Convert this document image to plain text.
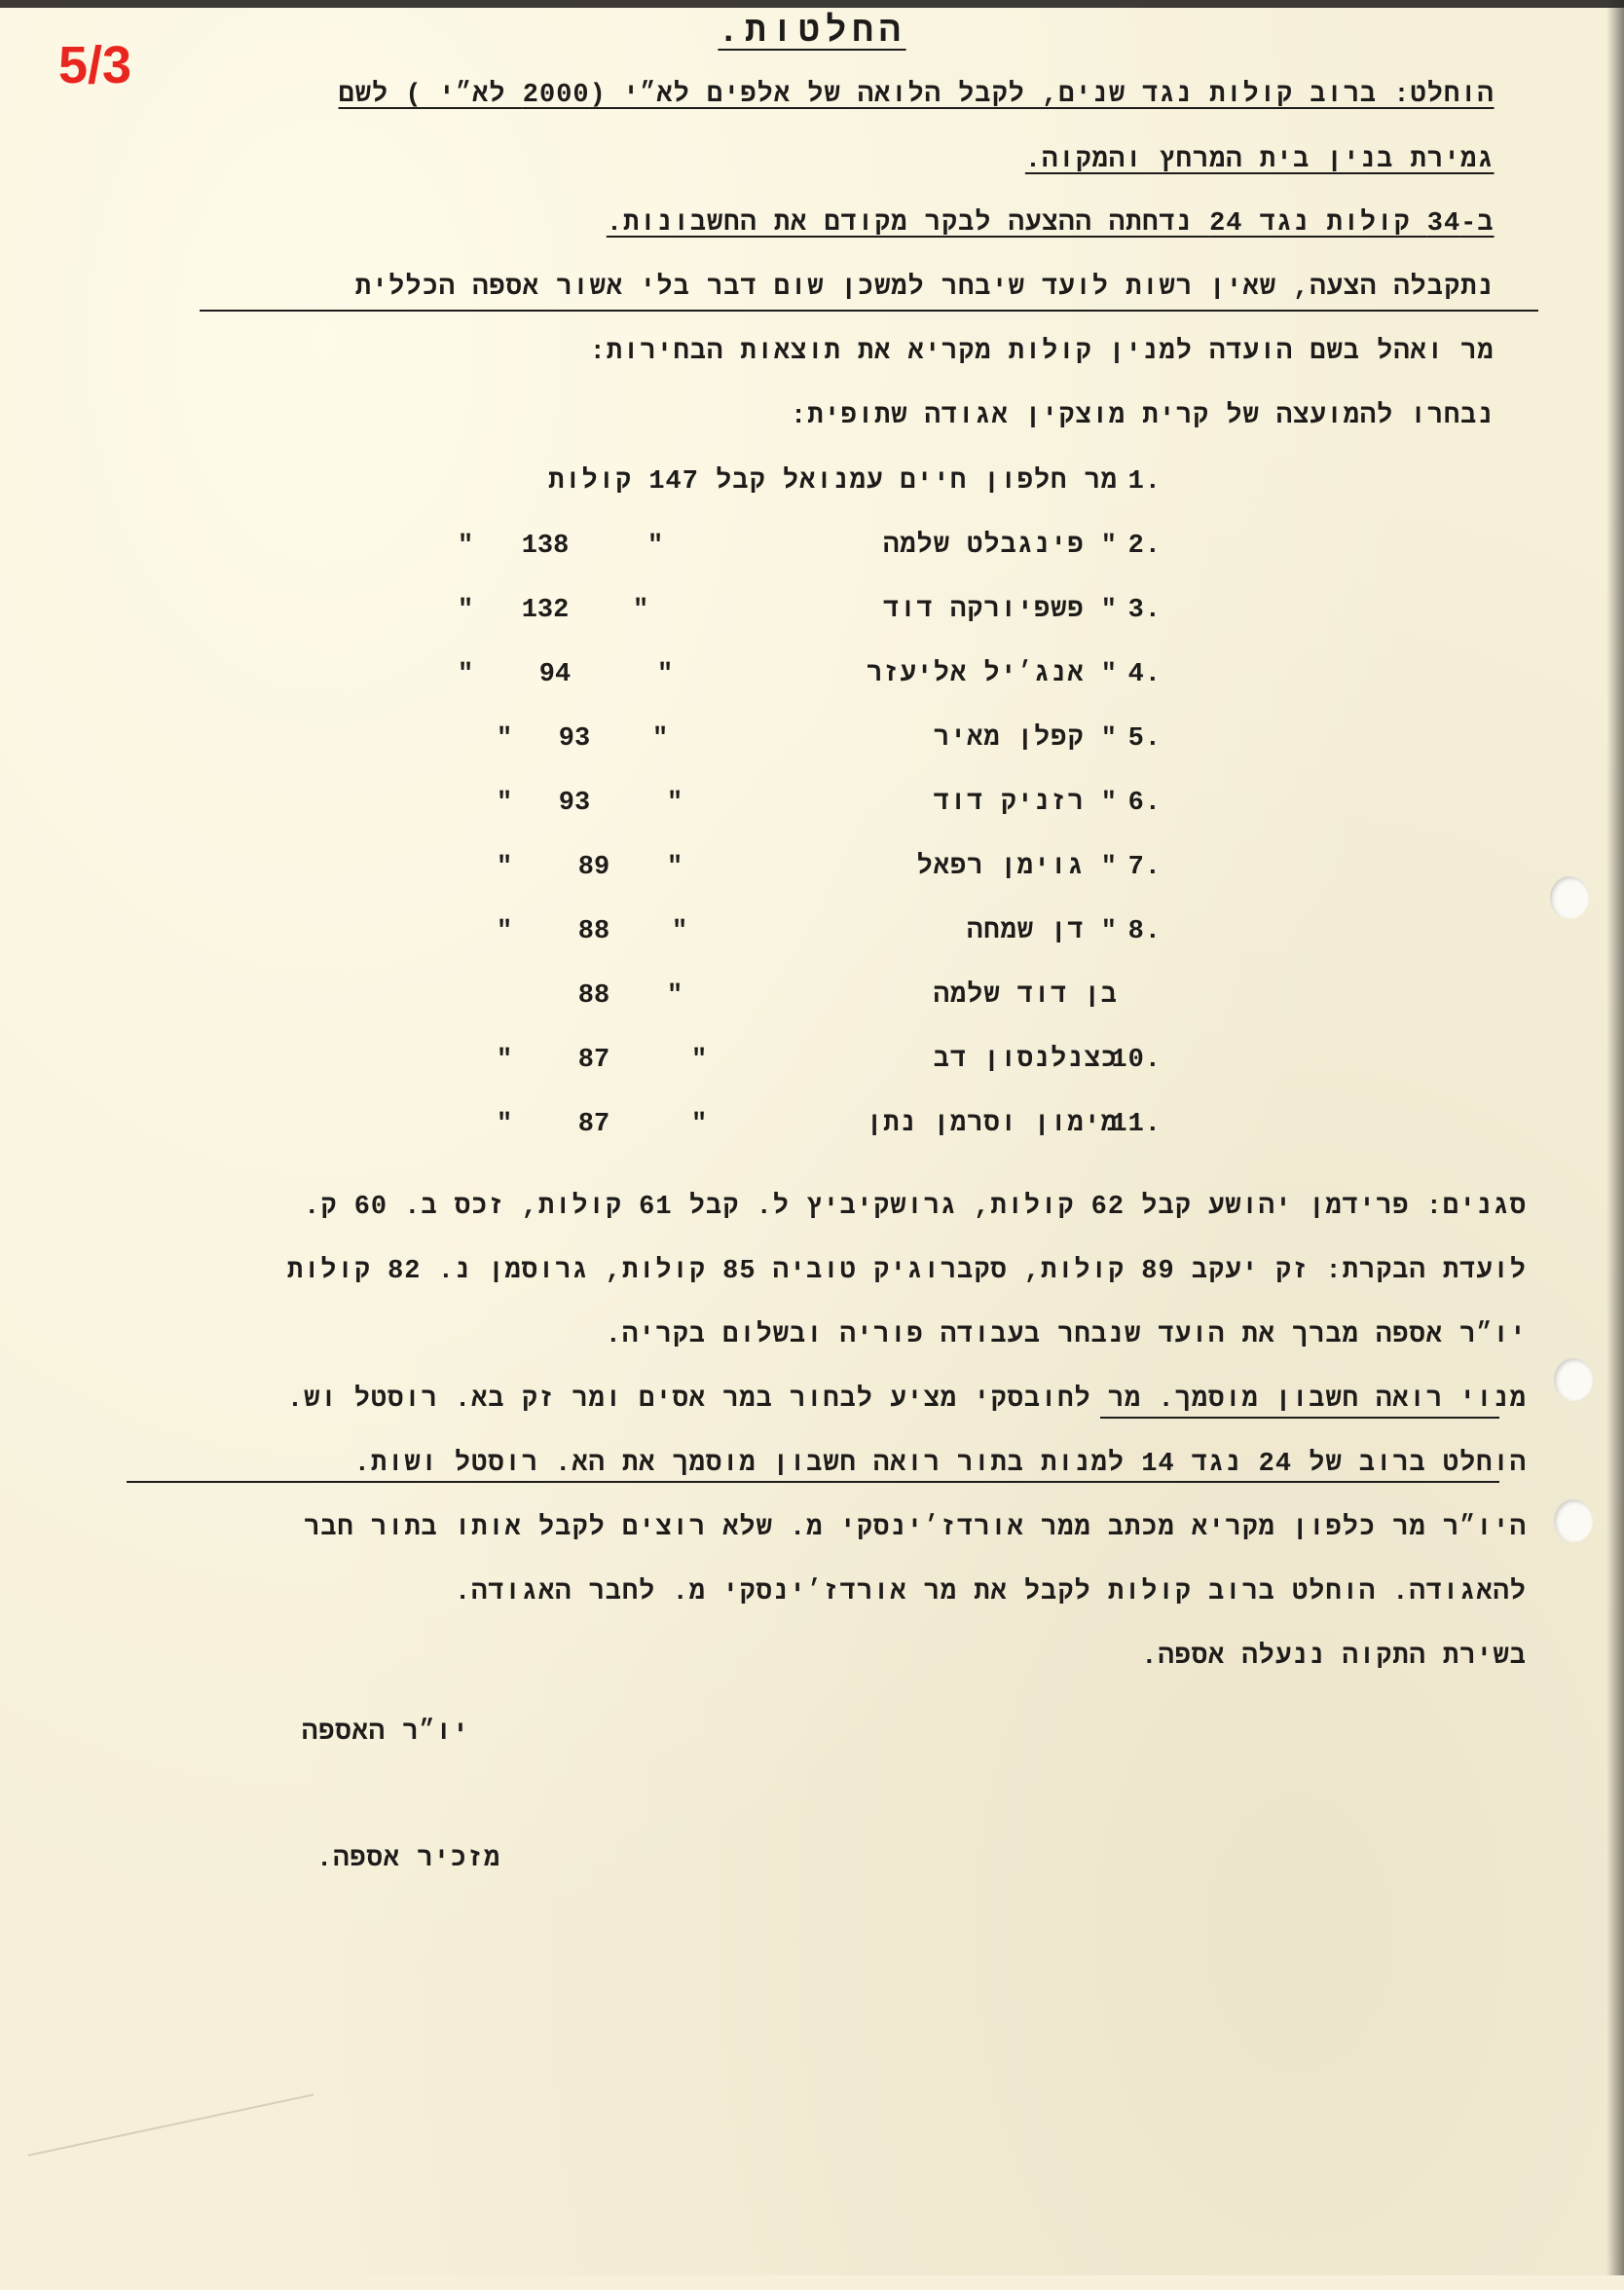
5/3
החלטות.
הוחלט: ברוב קולות נגד שנים, לקבל הלואה של אלפים לא״י (2000 לא״י ) לשם
גמירת בנין בית המרחץ והמקוה.
ב-34 קולות נגד 24 נדחתה ההצעה לבקר מקודם את החשבונות.
נתקבלה הצעה, שאין רשות לועד שיבחר למשכן שום דבר בלי אשור אספה הכללית
מר ואהל בשם הועדה למנין קולות מקריא את תוצאות הבחירות:
נבחרו להמועצה של קרית מוצקין אגודה שתופית:
מר חלפון חיים עמנואל קבל 147 קולות .1
" פינגבלט שלמה .2
"
138
"
" פשפיורקה דוד .3
"
132
"
" אנג׳יל אליעזר .4
"
94
"
" קפלן מאיר .5
"
93
"
" רזניק דוד .6
"
93
"
" גוימן רפאל .7
"
89
"
" דן שמחה .8
"
88
"
בן דוד שלמה
"
88
כצנלנסון דב
.10
"
87
"
מימון וסרמן נתן
.11
"
87
"
סגנים: פרידמן יהושע קבל 62 קולות, גרושקיביץ ל. קבל 61 קולות, זכס ב. 60 ק.
לועדת הבקרת: זק יעקב 89 קולות, סקברוגיק טוביה 85 קולות, גרוסמן נ. 82 קולות
יו״ר אספה מברך את הועד שנבחר בעבודה פוריה ובשלום בקריה.
מנוי רואה חשבון מוסמך. מר לחובסקי מציע לבחור במר אסים ומר זק בא. רוסטל וש.
הוחלט ברוב של 24 נגד 14 למנות בתור רואה חשבון מוסמך את הא. רוסטל ושות.
היו״ר מר כלפון מקריא מכתב ממר אורדז׳ינסקי מ. שלא רוצים לקבל אותו בתור חבר
להאגודה. הוחלט ברוב קולות לקבל את מר אורדז׳ינסקי מ. לחבר האגודה.
בשירת התקוה ננעלה אספה.
יו״ר האספה
מזכיר אספה.
